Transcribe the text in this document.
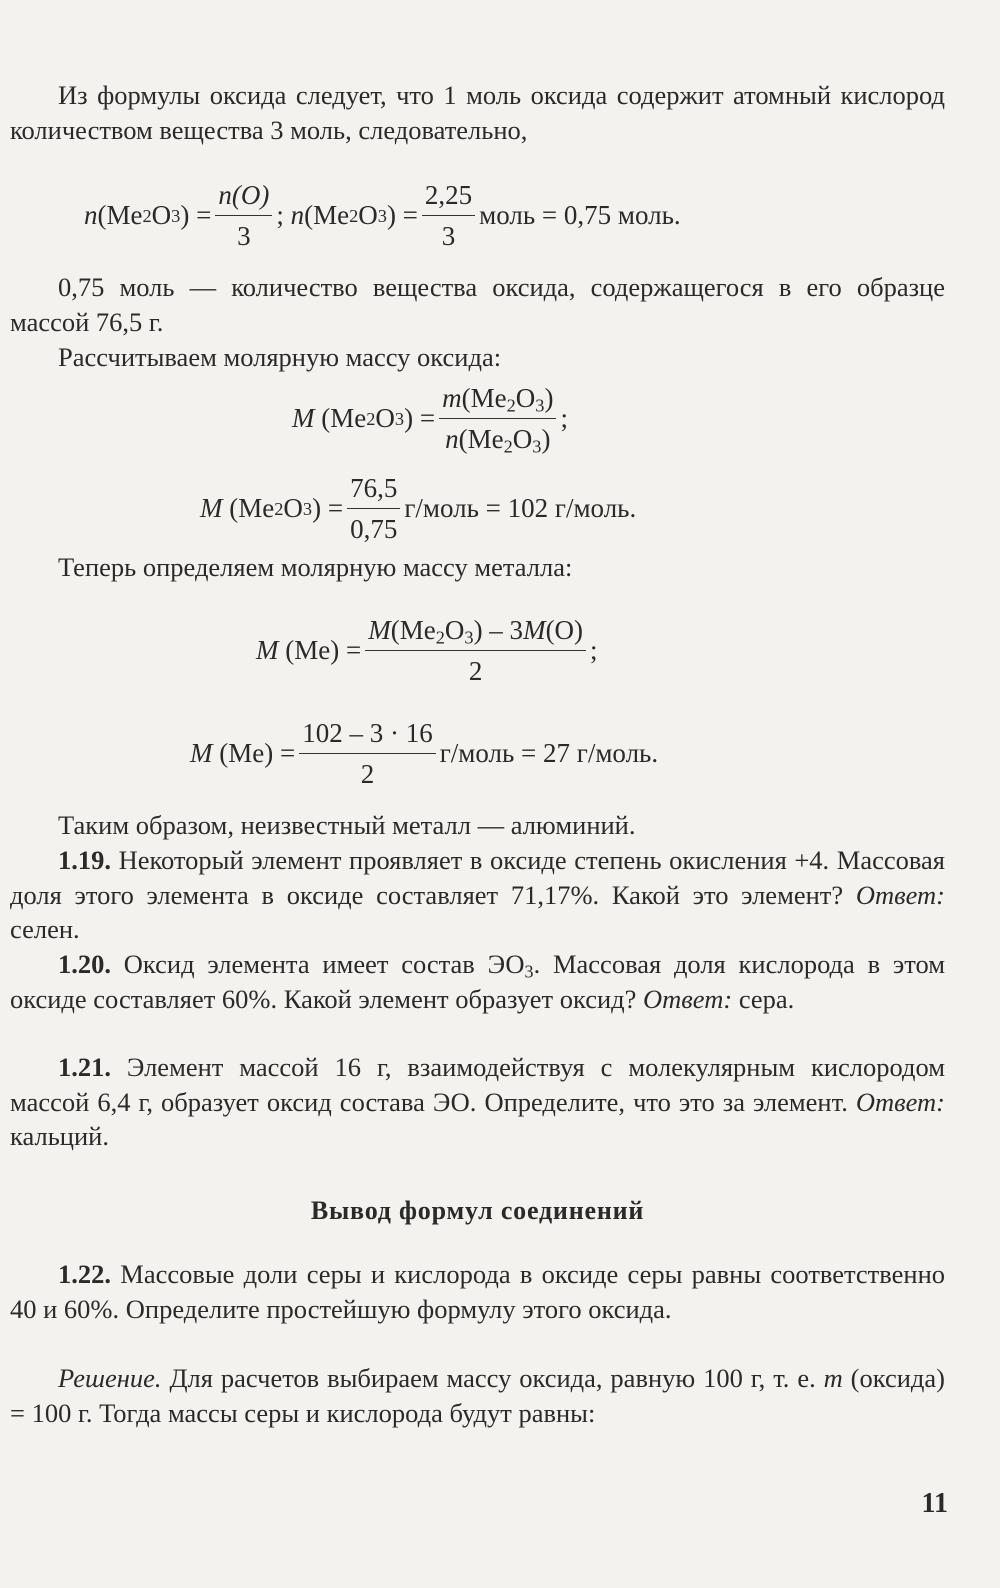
Из формулы оксида следует, что 1 моль оксида содержит атомный кислород количеством вещества 3 моль, следовательно,

n (Me 2 O 3 ) = $\frac{n(O)}{3}$ ;
n (Me 2 O 3 ) = $\frac{2,25}{3}$ моль = 0,75 моль.

0,75 моль — количество вещества оксида, содержащегося в его образце массой 76,5 г.

Рассчитываем молярную массу оксида:

M
(Me 2 O 3 ) = $\frac{m(Me_2O_3)}{n(Me_2O_3)}$ ;
M
(Me 2 O 3 ) = $\frac{76,5}{0,75}$ г/моль = 102 г/моль.

Теперь определяем молярную массу металла:

M
$(Me) = \frac{M(Me_2O_3) - 3M(O)}{2}$ ;
M
$(Me) = \frac{102 - 3 \cdot 16}{2}$ г/моль = 27 г/моль.

Таким образом, неизвестный металл — алюминий.

1.19. Некоторый элемент проявляет в оксиде степень окисления +4. Массовая доля этого элемента в оксиде составляет 71,17%. Какой это элемент? Ответ: селен.

1.20. Оксид элемента имеет состав $ЭО_3$. Массовая доля кислорода в этом оксиде составляет 60%. Какой элемент образует оксид? Ответ: сера.

1.21. Элемент массой 16 г, взаимодействуя с молекулярным кислородом массой 6,4 г, образует оксид состава ЭО. Определите, что это за элемент. Ответ: кальций.

Вывод формул соединений

1.22. Массовые доли серы и кислорода в оксиде серы равны соответственно 40 и 60%. Определите простейшую формулу этого оксида.

Решение. Для расчетов выбираем массу оксида, равную 100 г, т. е. m (оксида) = 100 г. Тогда массы серы и кислорода будут равны:

11
